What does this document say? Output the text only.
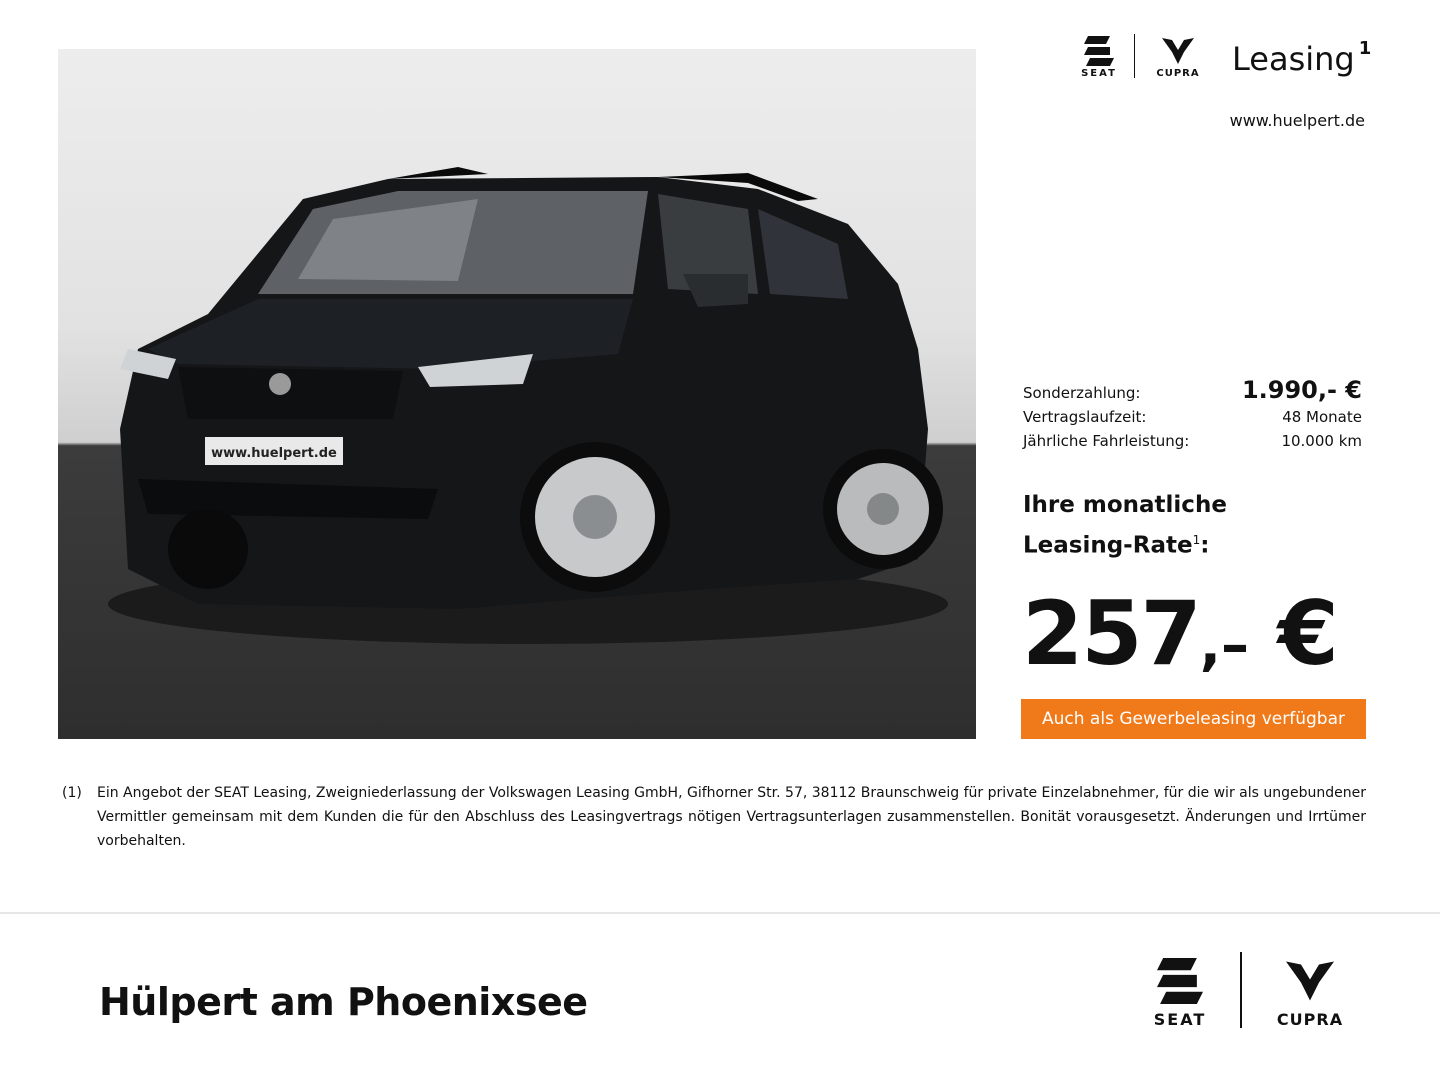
www.huelpert.de
SEAT	CUPRA	Leasing $^1$
www.huelpert.de
Sonderzahlung:	1.990,- €
Vertragslaufzeit:	48 Monate
Jährliche Fahrleistung:	10.000 km
Ihre monatliche
Leasing-Rate$^1$:
257,– €
Auch als Gewerbeleasing verfügbar
(1) Ein Angebot der SEAT Leasing, Zweigniederlassung der Volkswagen Leasing GmbH, Gifhorner Str. 57, 38112 Braunschweig für private Einzelabnehmer, für die wir als ungebundener Vermittler gemeinsam mit dem Kunden die für den Abschluss des Leasingvertrags nötigen Vertragsunterlagen zusammenstellen. Bonität vorausgesetzt. Änderungen und Irrtümer vorbehalten.
Hülpert am Phoenixsee	SEAT	CUPRA
